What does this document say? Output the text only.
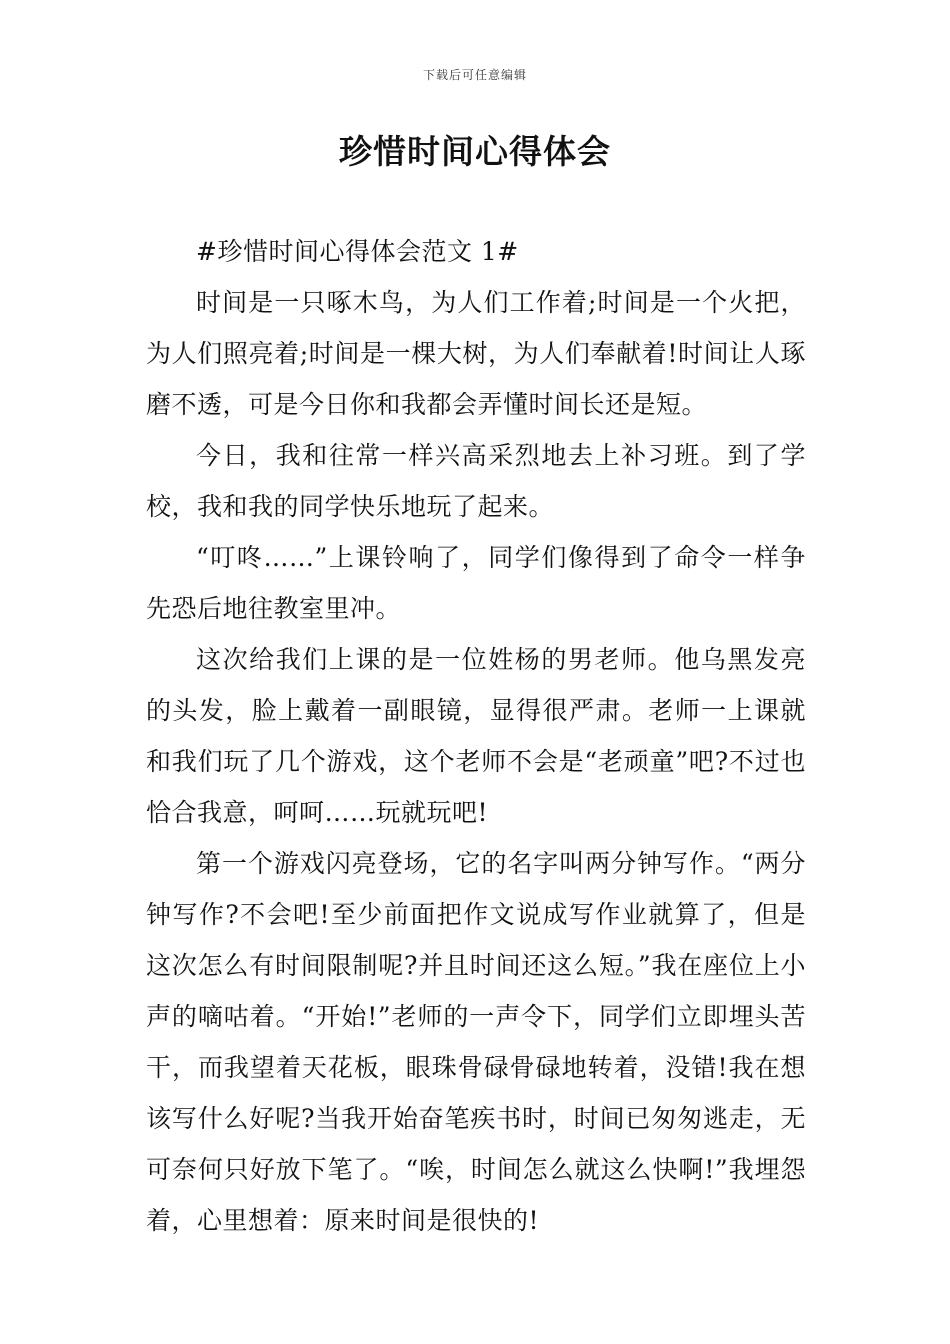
下载后可任意编辑
珍惜时间心得体会

#珍惜时间心得体会范文 1#

时间是一只啄木鸟，为人们工作着;时间是一个火把，为人们照亮着;时间是一棵大树，为人们奉献着!时间让人琢磨不透，可是今日你和我都会弄懂时间长还是短。

今日，我和往常一样兴高采烈地去上补习班。到了学校，我和我的同学快乐地玩了起来。

“叮咚……”上课铃响了，同学们像得到了命令一样争先恐后地往教室里冲。

这次给我们上课的是一位姓杨的男老师。他乌黑发亮的头发，脸上戴着一副眼镜，显得很严肃。老师一上课就和我们玩了几个游戏，这个老师不会是“老顽童”吧?不过也恰合我意，呵呵……玩就玩吧!

第一个游戏闪亮登场，它的名字叫两分钟写作。“两分钟写作?不会吧!至少前面把作文说成写作业就算了，但是这次怎么有时间限制呢?并且时间还这么短。”我在座位上小声的嘀咕着。“开始!”老师的一声令下，同学们立即埋头苦干，而我望着天花板，眼珠骨碌骨碌地转着，没错!我在想该写什么好呢?当我开始奋笔疾书时，时间已匆匆逃走，无可奈何只好放下笔了。“唉，时间怎么就这么快啊!”我埋怨着，心里想着：原来时间是很快的!
